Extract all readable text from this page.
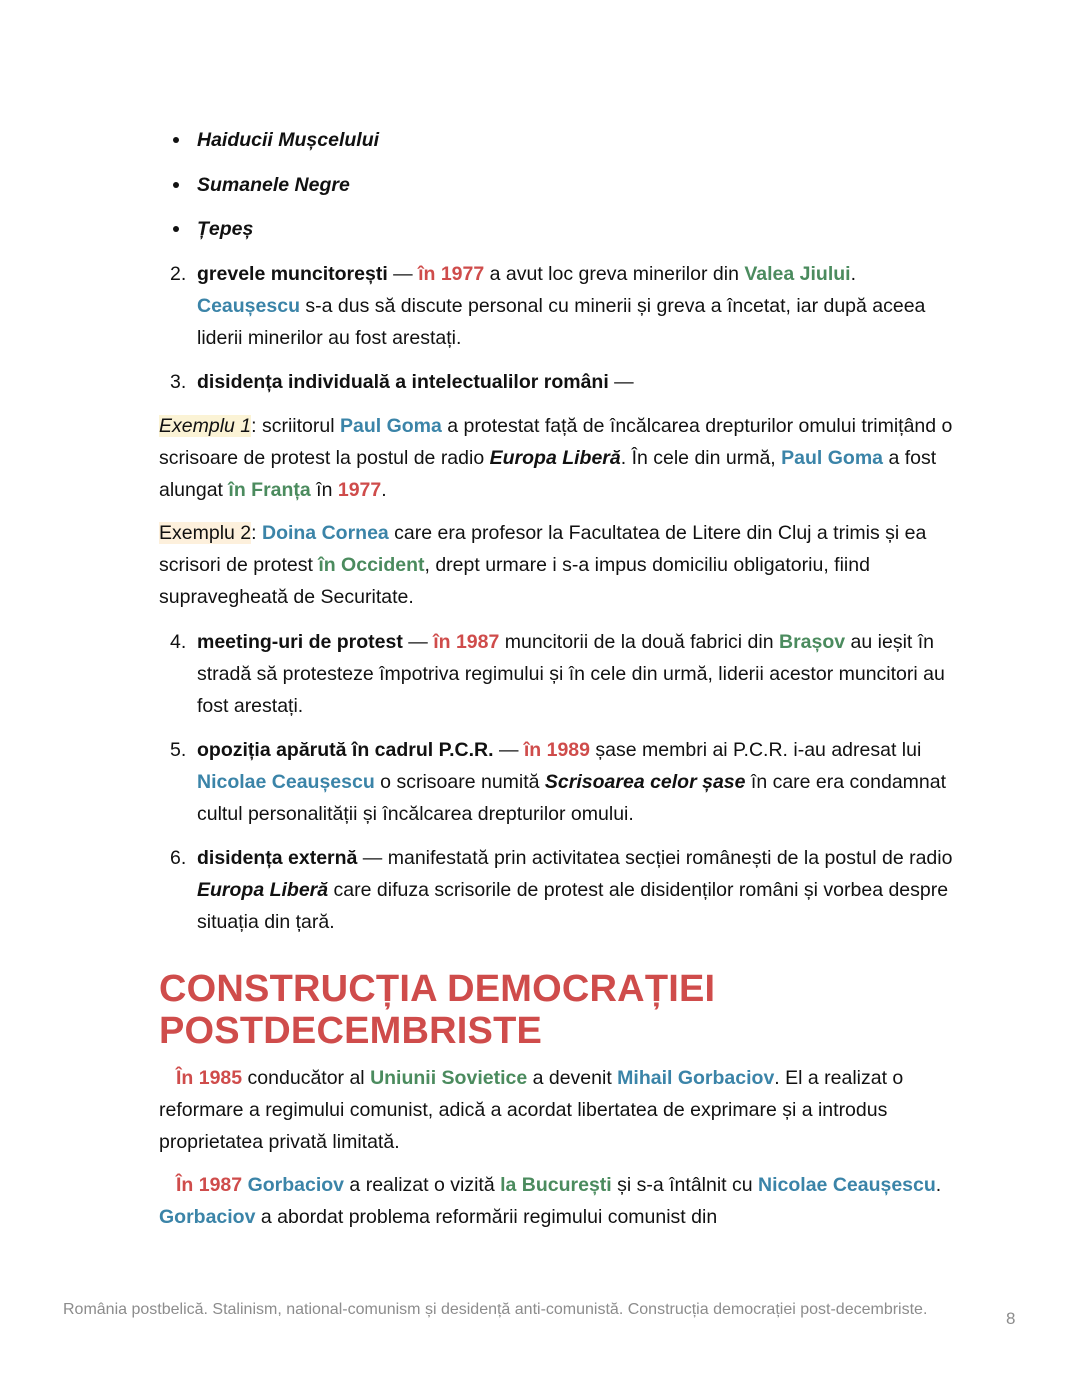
Haiducii Mușcelului
Sumanele Negre
Țepeș
2. grevele muncitorești — în 1977 a avut loc greva minerilor din Valea Jiului. Ceaușescu s-a dus să discute personal cu minerii și greva a încetat, iar după aceea liderii minerilor au fost arestați.
3. disidența individuală a intelectualilor români —

Exemplu 1: scriitorul Paul Goma a protestat față de încălcarea drepturilor omului trimițând o scrisoare de protest la postul de radio Europa Liberă. În cele din urmă, Paul Goma a fost alungat în Franța în 1977.

Exemplu 2: Doina Cornea care era profesor la Facultatea de Litere din Cluj a trimis și ea scrisori de protest în Occident, drept urmare i s-a impus domiciliu obligatoriu, fiind supravegheată de Securitate.

4. meeting-uri de protest — în 1987 muncitorii de la două fabrici din Brașov au ieșit în stradă să protesteze împotriva regimului și în cele din urmă, liderii acestor muncitori au fost arestați.
5. opoziția apărută în cadrul P.C.R. — în 1989 șase membri ai P.C.R. i-au adresat lui Nicolae Ceaușescu o scrisoare numită Scrisoarea celor șase în care era condamnat cultul personalității și încălcarea drepturilor omului.
6. disidența externă — manifestată prin activitatea secției românești de la postul de radio Europa Liberă care difuza scrisorile de protest ale disidenților români și vorbea despre situația din țară.
CONSTRUCȚIA DEMOCRAȚIEI POSTDECEMBRISTE

În 1985 conducător al Uniunii Sovietice a devenit Mihail Gorbaciov. El a realizat o reformare a regimului comunist, adică a acordat libertatea de exprimare și a introdus proprietatea privată limitată.

În 1987 Gorbaciov a realizat o vizită la București și s-a întâlnit cu Nicolae Ceaușescu. Gorbaciov a abordat problema reformării regimului comunist din

România postbelică. Stalinism, national-comunism și desidență anti-comunistă. Construcția democrației post-decembriste.	8
